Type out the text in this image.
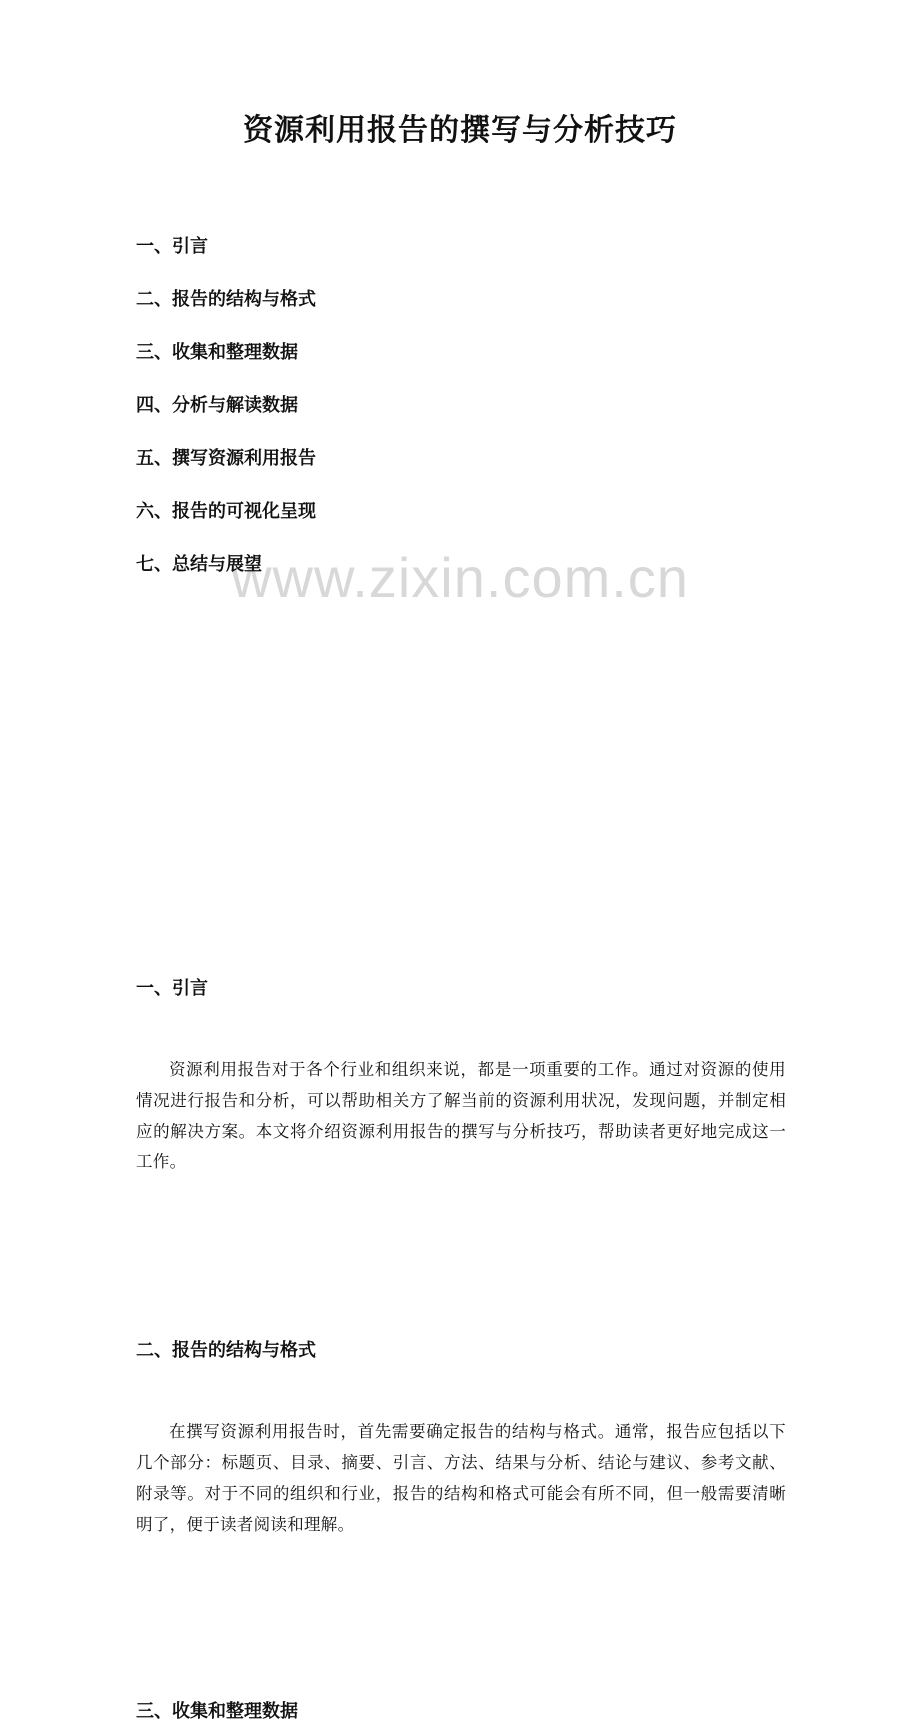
www.zixin.com.cn
资源利用报告的撰写与分析技巧
一、引言
二、报告的结构与格式
三、收集和整理数据
四、分析与解读数据
五、撰写资源利用报告
六、报告的可视化呈现
七、总结与展望
一、引言

资源利用报告对于各个行业和组织来说，都是一项重要的工作。通过对资源的使用情况进行报告和分析，可以帮助相关方了解当前的资源利用状况，发现问题，并制定相应的解决方案。本文将介绍资源利用报告的撰写与分析技巧，帮助读者更好地完成这一工作。

二、报告的结构与格式

在撰写资源利用报告时，首先需要确定报告的结构与格式。通常，报告应包括以下几个部分：标题页、目录、摘要、引言、方法、结果与分析、结论与建议、参考文献、附录等。对于不同的组织和行业，报告的结构和格式可能会有所不同，但一般需要清晰明了，便于读者阅读和理解。

三、收集和整理数据
